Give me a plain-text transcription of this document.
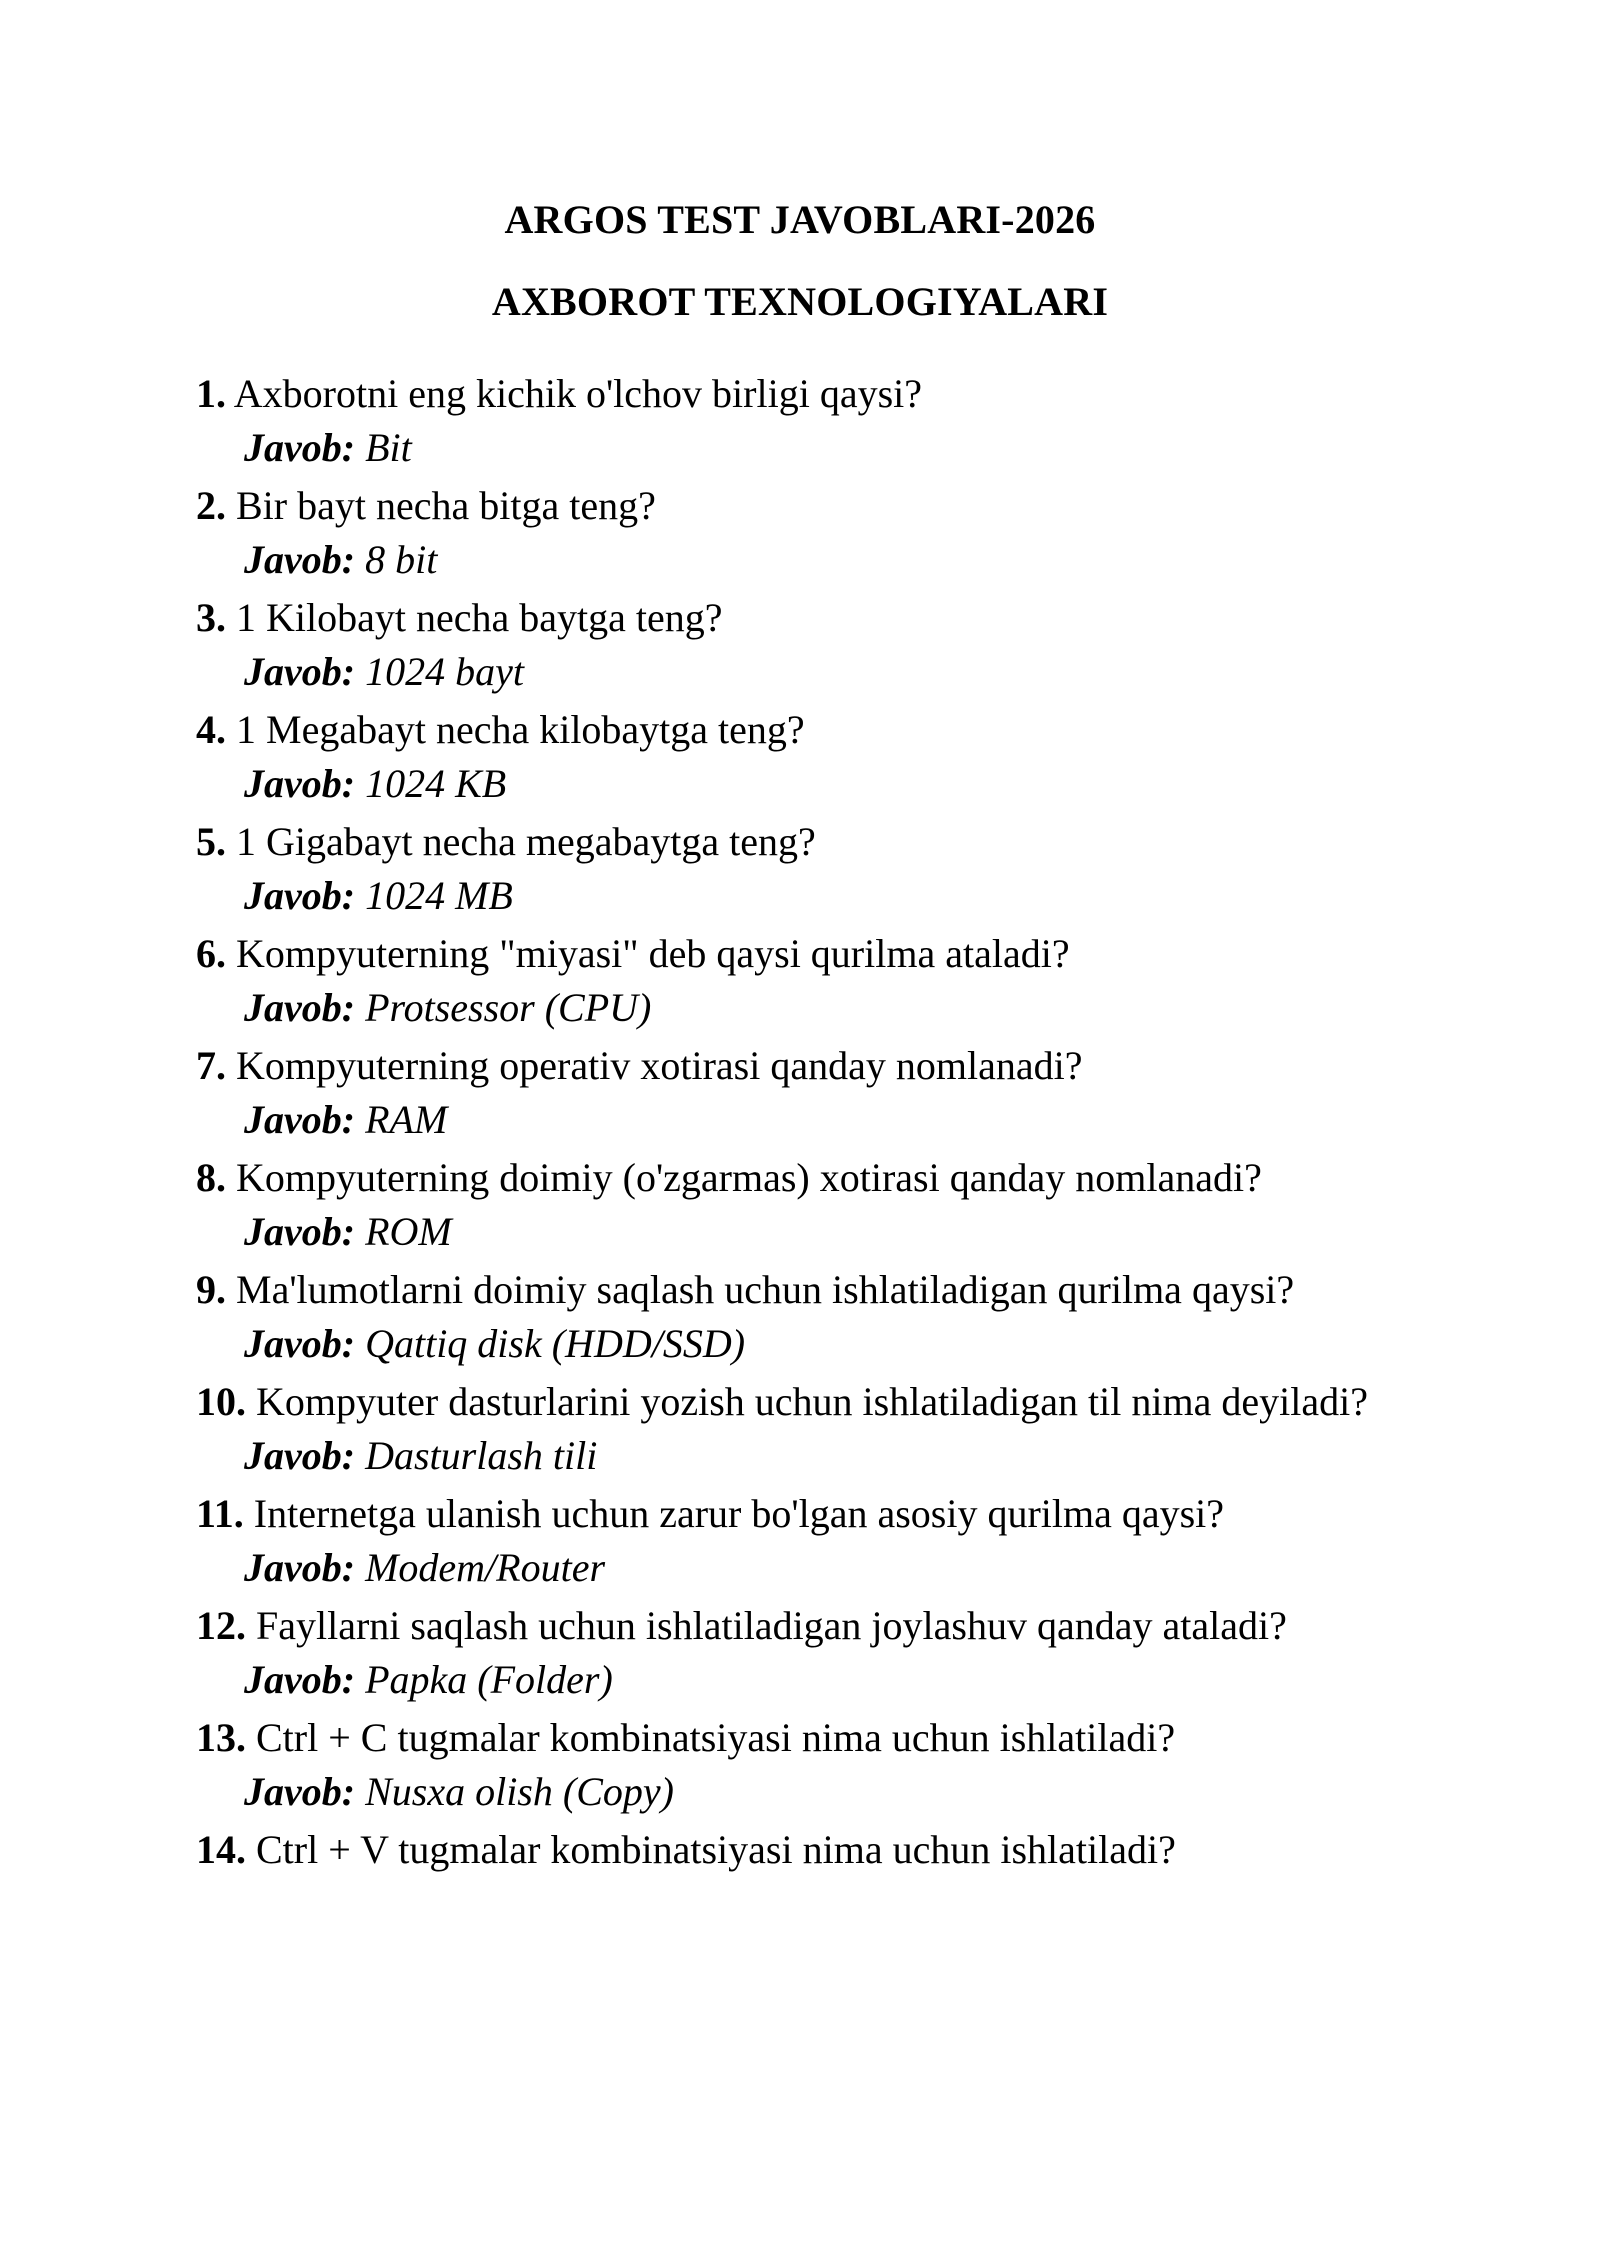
ARGOS TEST JAVOBLARI-2026
AXBOROT TEXNOLOGIYALARI
1. Axborotni eng kichik o'lchov birligi qaysi?
Javob: Bit
2. Bir bayt necha bitga teng?
Javob: 8 bit
3. 1 Kilobayt necha baytga teng?
Javob: 1024 bayt
4. 1 Megabayt necha kilobaytga teng?
Javob: 1024 KB
5. 1 Gigabayt necha megabaytga teng?
Javob: 1024 MB
6. Kompyuterning "miyasi" deb qaysi qurilma ataladi?
Javob: Protsessor (CPU)
7. Kompyuterning operativ xotirasi qanday nomlanadi?
Javob: RAM
8. Kompyuterning doimiy (o'zgarmas) xotirasi qanday nomlanadi?
Javob: ROM
9. Ma'lumotlarni doimiy saqlash uchun ishlatiladigan qurilma qaysi?
Javob: Qattiq disk (HDD/SSD)
10. Kompyuter dasturlarini yozish uchun ishlatiladigan til nima deyiladi?
Javob: Dasturlash tili
11. Internetga ulanish uchun zarur bo'lgan asosiy qurilma qaysi?
Javob: Modem/Router
12. Fayllarni saqlash uchun ishlatiladigan joylashuv qanday ataladi?
Javob: Papka (Folder)
13. Ctrl + C tugmalar kombinatsiyasi nima uchun ishlatiladi?
Javob: Nusxa olish (Copy)
14. Ctrl + V tugmalar kombinatsiyasi nima uchun ishlatiladi?
